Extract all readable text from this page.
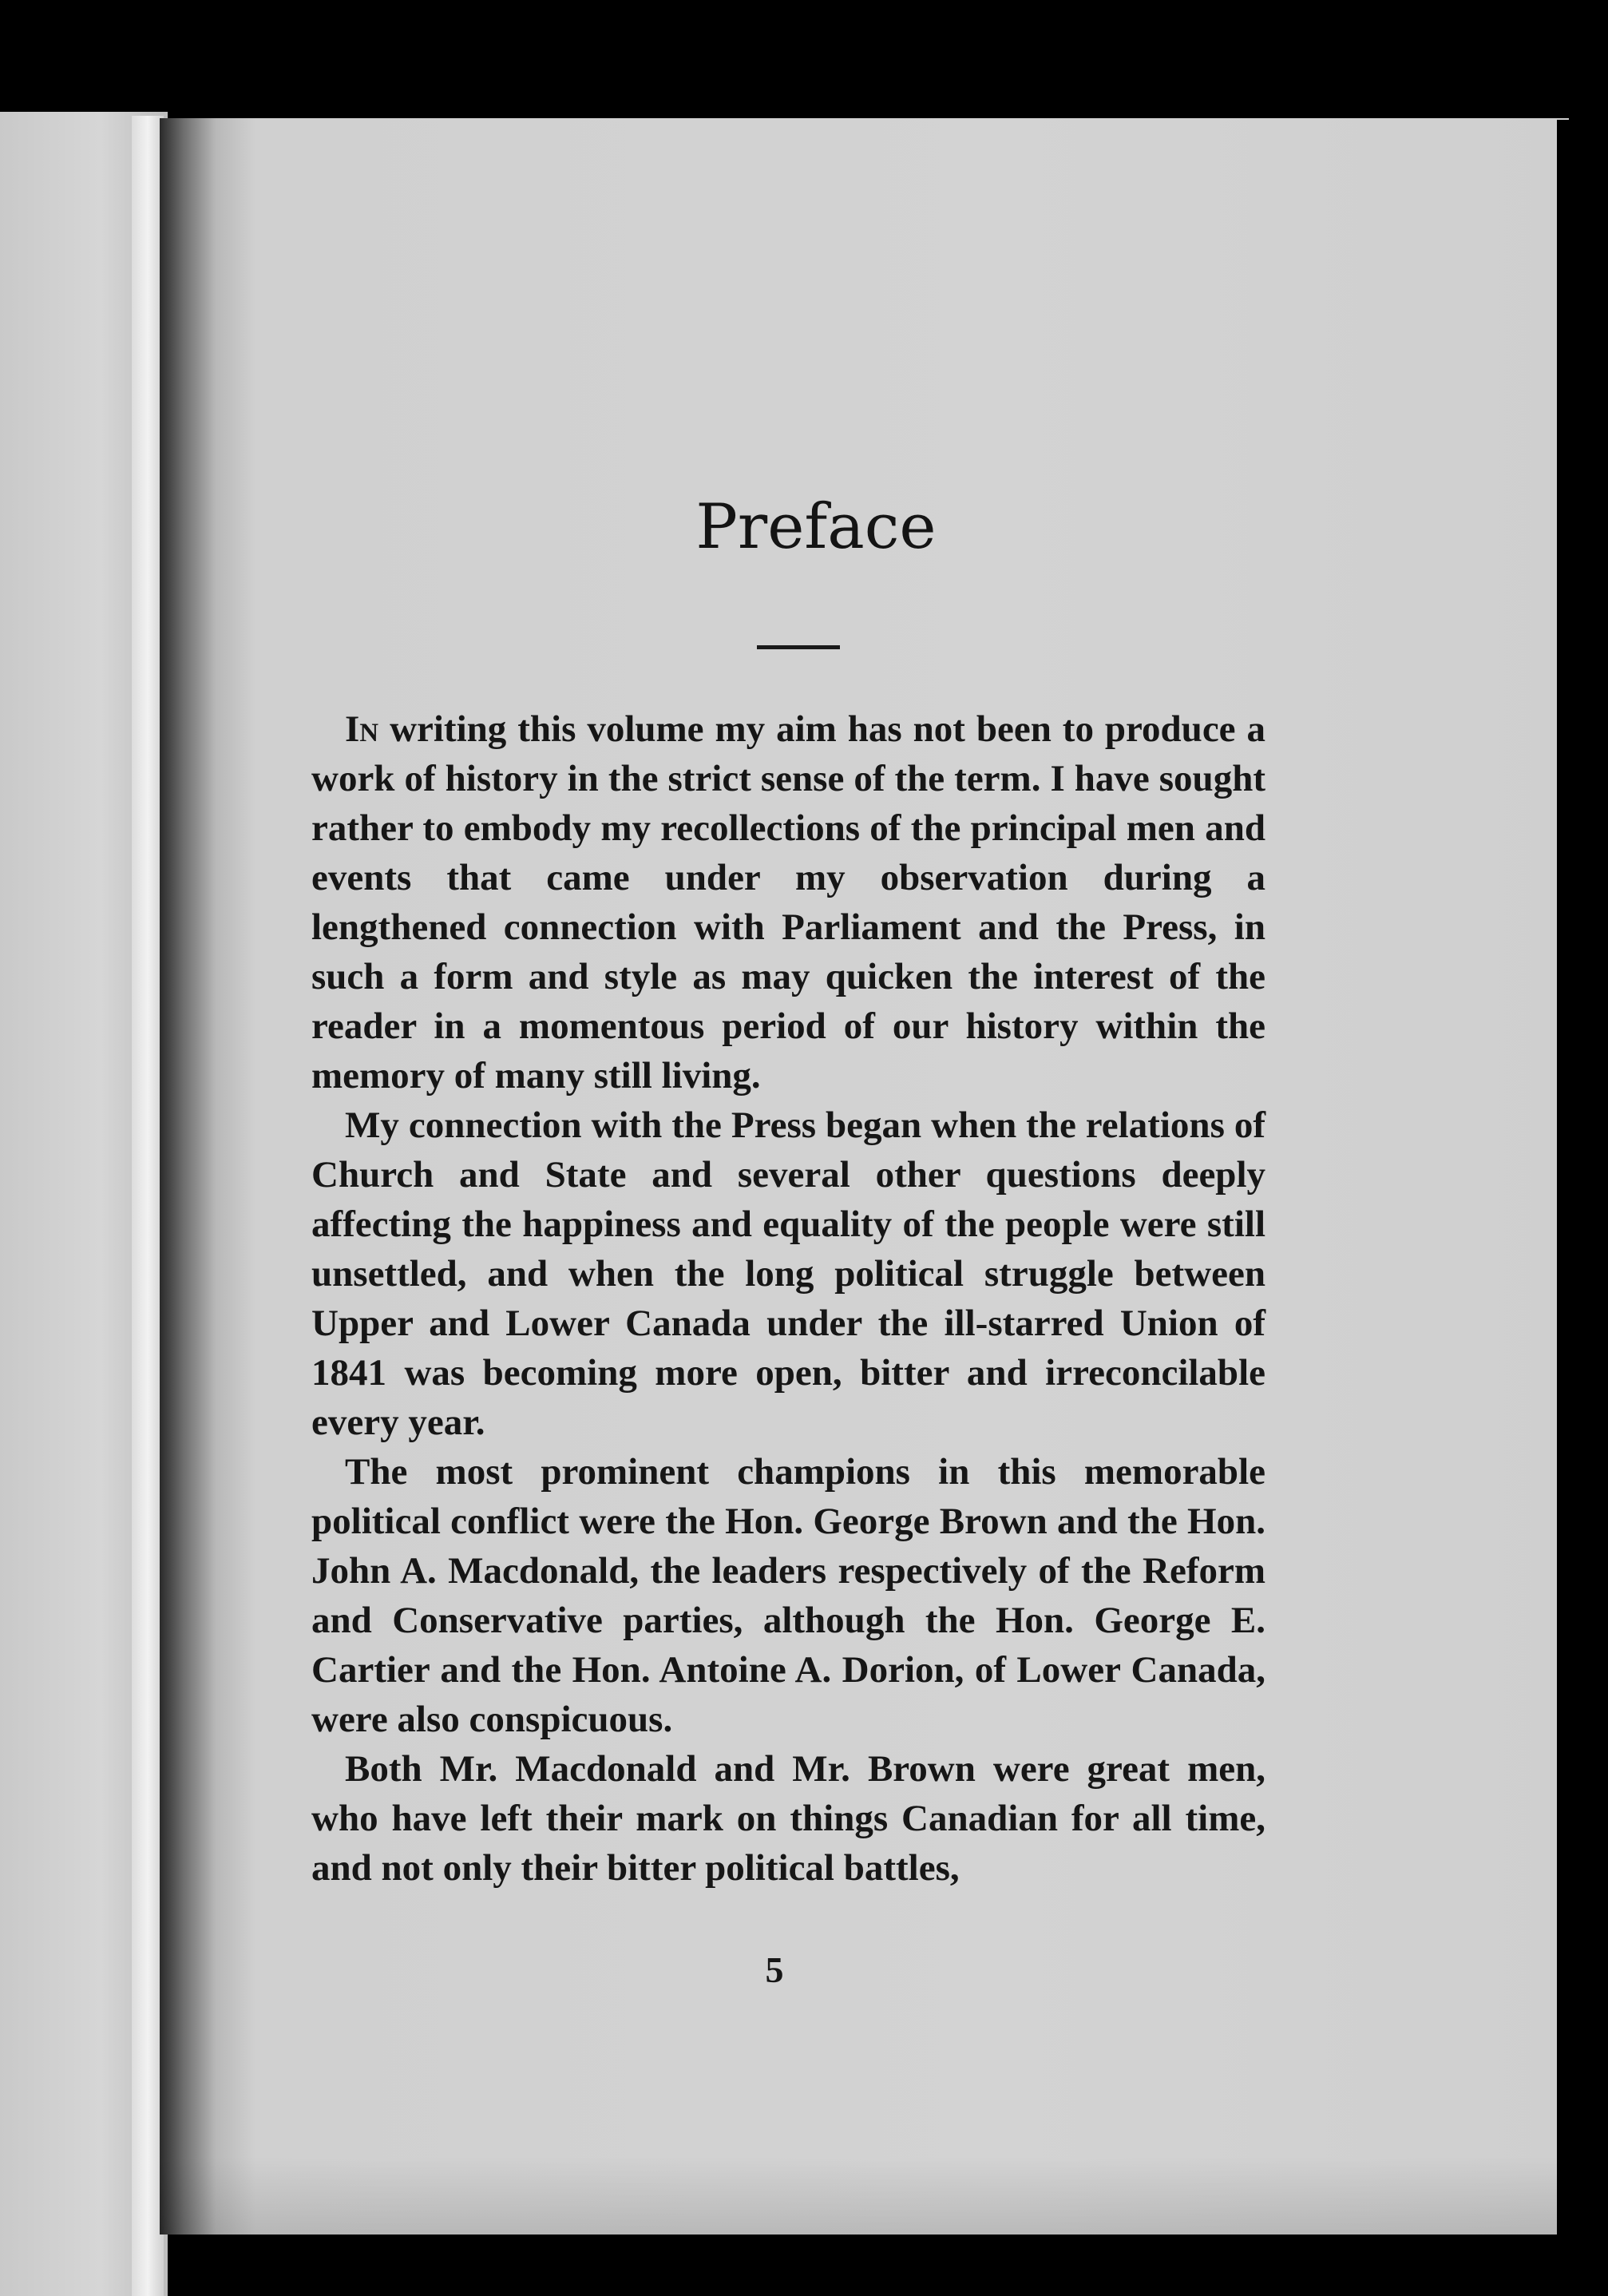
Preface

In writing this volume my aim has not been to produce a work of history in the strict sense of the term. I have sought rather to embody my recollections of the principal men and events that came under my observation during a lengthened connection with Parliament and the Press, in such a form and style as may quicken the interest of the reader in a momentous period of our history within the memory of many still living.

My connection with the Press began when the relations of Church and State and several other questions deeply affecting the happiness and equality of the people were still unsettled, and when the long political struggle between Upper and Lower Canada under the ill-starred Union of 1841 was becoming more open, bitter and irreconcilable every year.

The most prominent champions in this memorable political conflict were the Hon. George Brown and the Hon. John A. Macdonald, the leaders respectively of the Reform and Conservative parties, although the Hon. George E. Cartier and the Hon. Antoine A. Dorion, of Lower Canada, were also conspicuous.

Both Mr. Macdonald and Mr. Brown were great men, who have left their mark on things Canadian for all time, and not only their bitter political battles,

5
